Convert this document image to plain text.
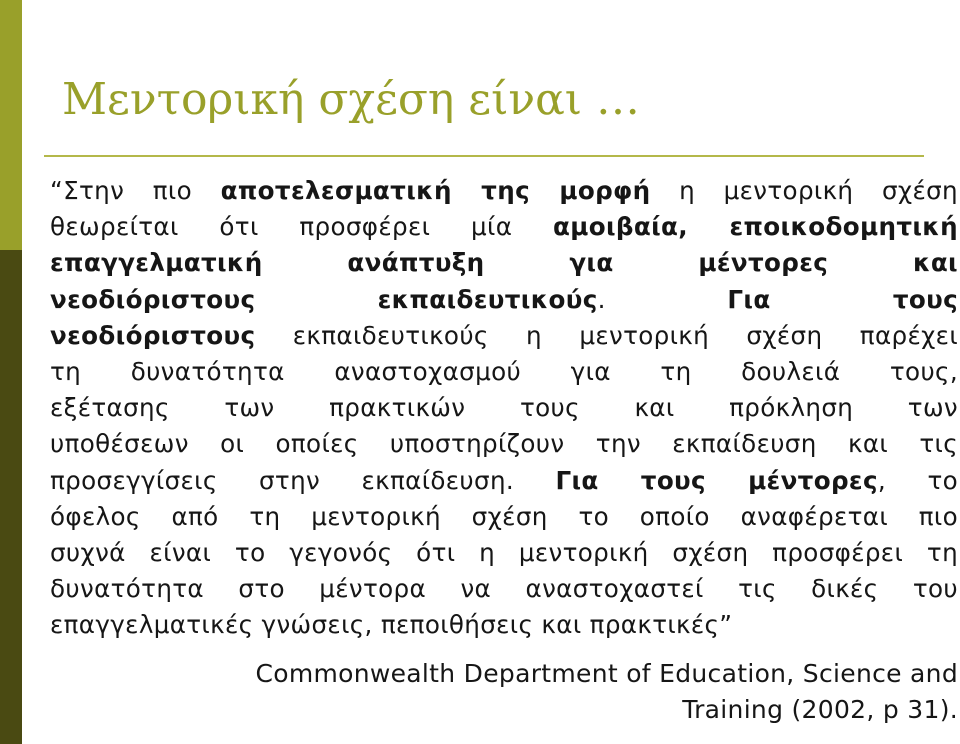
Μεντορική σχέση είναι …
“Στην πιο αποτελεσματική της μορφή η μεντορική σχέση
θεωρείται ότι προσφέρει μία αμοιβαία, εποικοδομητική
επαγγελματική ανάπτυξη για μέντορες και
νεοδιόριστους εκπαιδευτικούς. Για τους
νεοδιόριστους εκπαιδευτικούς η μεντορική σχέση παρέχει
τη δυνατότητα αναστοχασμού για τη δουλειά τους,
εξέτασης των πρακτικών τους και πρόκληση των
υποθέσεων οι οποίες υποστηρίζουν την εκπαίδευση και τις
προσεγγίσεις στην εκπαίδευση. Για τους μέντορες, το
όφελος από τη μεντορική σχέση το οποίο αναφέρεται πιο
συχνά είναι το γεγονός ότι η μεντορική σχέση προσφέρει τη
δυνατότητα στο μέντορα να αναστοχαστεί τις δικές του
επαγγελματικές γνώσεις, πεποιθήσεις και πρακτικές”
Commonwealth Department of Education, Science and
Training (2002, p 31).
